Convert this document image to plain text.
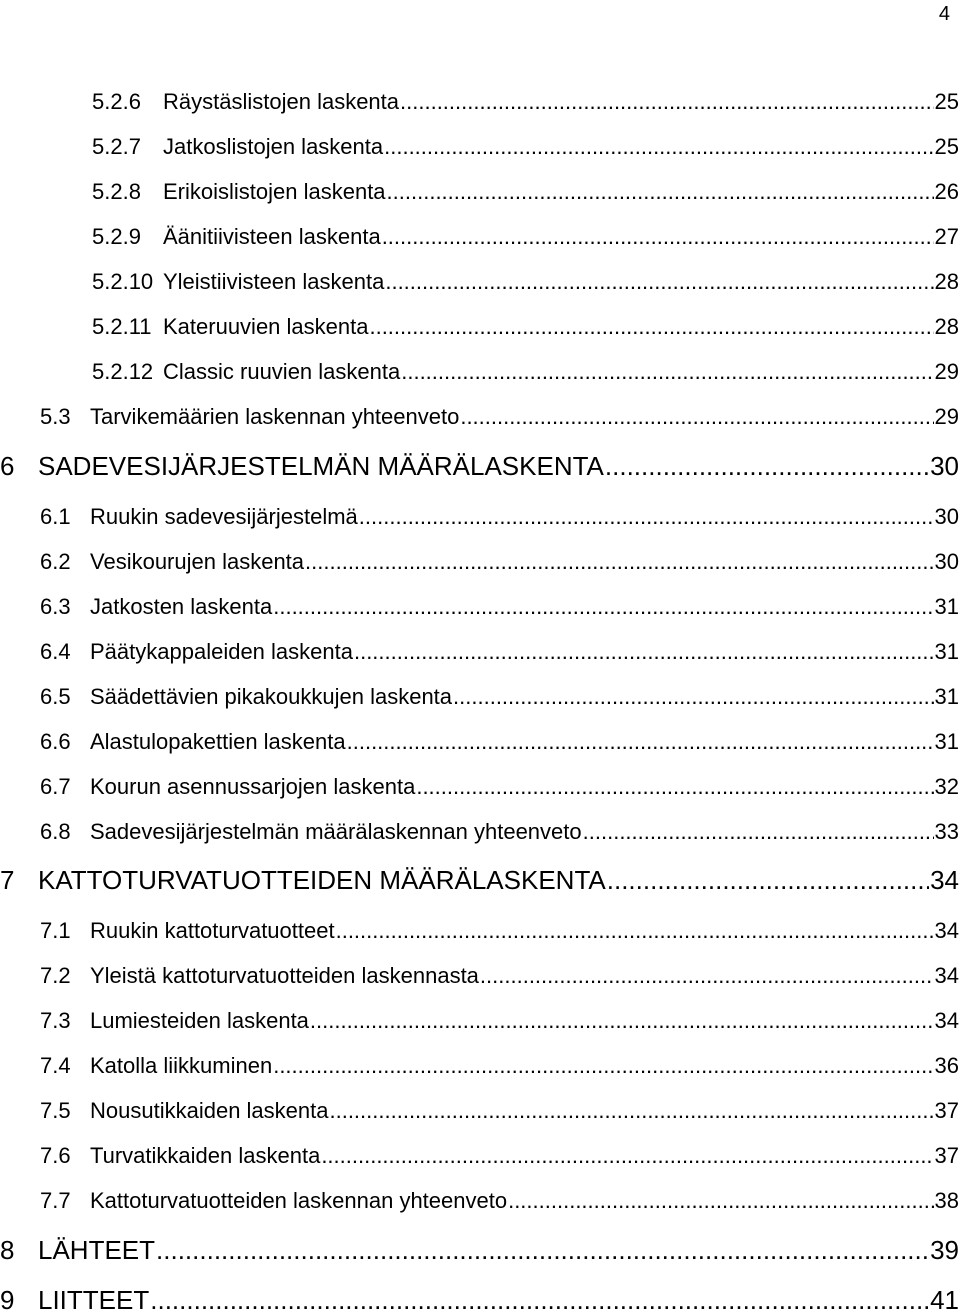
4
5.2.6	Räystäslistojen laskenta .....	25
5.2.7	Jatkoslistojen laskenta .....	25
5.2.8	Erikoislistojen laskenta .....	26
5.2.9	Äänitiivisteen laskenta .....	27
5.2.10 Yleistiivisteen laskenta .....	28
5.2.11 Kateruuvien laskenta .....	28
5.2.12 Classic ruuvien laskenta .....	29
5.3 Tarvikemäärien laskennan yhteenveto .....	29
6 SADEVESIJÄRJESTELMÄN MÄÄRÄLASKENTA .....	30
6.1 Ruukin sadevesijärjestelmä .....	30
6.2 Vesikourujen laskenta .....	30
6.3 Jatkosten laskenta .....	31
6.4 Päätykappaleiden laskenta .....	31
6.5 Säädettävien pikakoukkujen laskenta .....	31
6.6 Alastulopakettien laskenta .....	31
6.7 Kourun asennussarjojen laskenta .....	32
6.8 Sadevesijärjestelmän määrälaskennan yhteenveto .....	33
7 KATTOTURVATUOTTEIDEN MÄÄRÄLASKENTA .....	34
7.1 Ruukin kattoturvatuotteet .....	34
7.2 Yleistä kattoturvatuotteiden laskennasta .....	34
7.3 Lumiesteiden laskenta .....	34
7.4 Katolla liikkuminen .....	36
7.5 Nousutikkaiden laskenta .....	37
7.6 Turvatikkaiden laskenta .....	37
7.7 Kattoturvatuotteiden laskennan yhteenveto .....	38
8 LÄHTEET .....	39
9 LIITTEET .....	41
